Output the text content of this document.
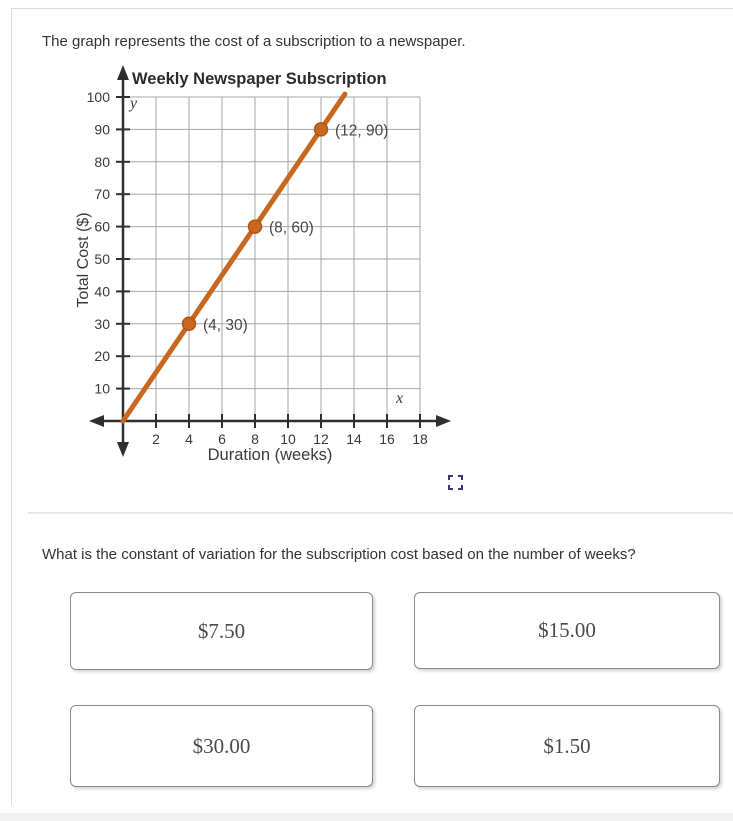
The graph represents the cost of a subscription to a newspaper.
10
20
30
40
50
60
70
80
90
100
2 4 6 8 10 12 14 16 18
(4, 30)
(8, 60)
(12, 90)
Weekly Newspaper Subscription
y
x
Total Cost ($)
Duration (weeks)
What is the constant of variation for the subscription cost based on the number of weeks?
$7.50	$15.00
$30.00	$1.50
